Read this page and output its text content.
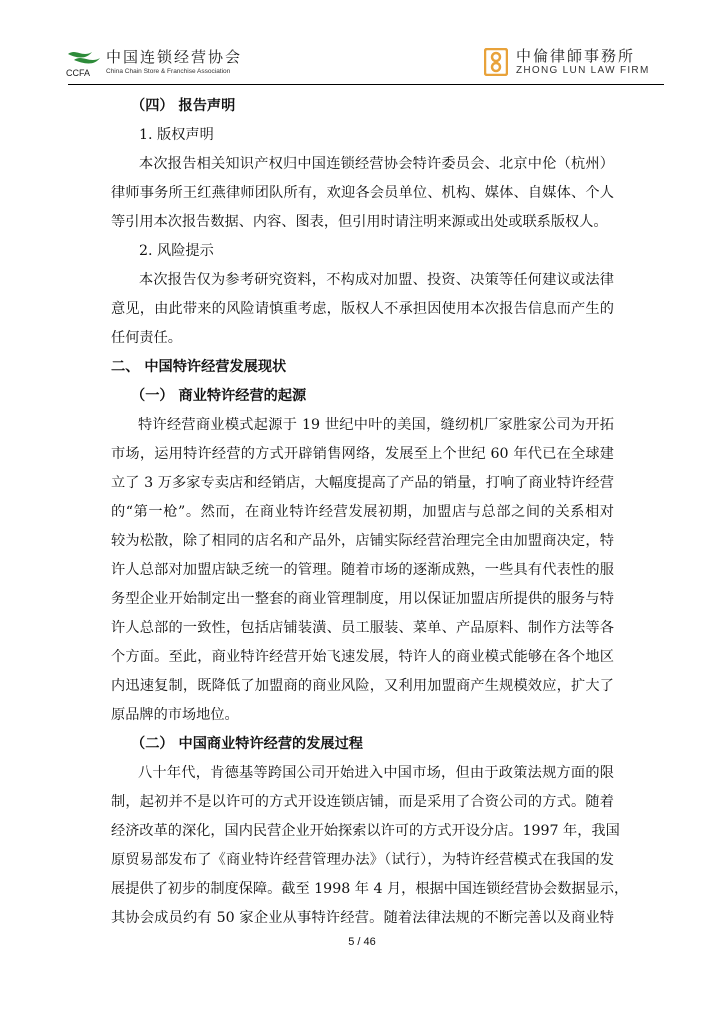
CCFA
中国连锁经营协会
China Chain Store & Franchise Association
中倫律師事務所
ZHONG LUN LAW FIRM
（四） 报告声明
1. 版权声明
本次报告相关知识产权归中国连锁经营协会特许委员会、北京中伦（杭州）
律师事务所王红燕律师团队所有，欢迎各会员单位、机构、媒体、自媒体、个人
等引用本次报告数据、内容、图表，但引用时请注明来源或出处或联系版权人。
2. 风险提示
本次报告仅为参考研究资料，不构成对加盟、投资、决策等任何建议或法律
意见，由此带来的风险请慎重考虑，版权人不承担因使用本次报告信息而产生的
任何责任。
二、 中国特许经营发展现状
（一） 商业特许经营的起源
特许经营商业模式起源于 19 世纪中叶的美国，缝纫机厂家胜家公司为开拓
市场，运用特许经营的方式开辟销售网络，发展至上个世纪 60 年代已在全球建
立了 3 万多家专卖店和经销店，大幅度提高了产品的销量，打响了商业特许经营
的“第一枪”。然而，在商业特许经营发展初期，加盟店与总部之间的关系相对
较为松散，除了相同的店名和产品外，店铺实际经营治理完全由加盟商决定，特
许人总部对加盟店缺乏统一的管理。随着市场的逐渐成熟，一些具有代表性的服
务型企业开始制定出一整套的商业管理制度，用以保证加盟店所提供的服务与特
许人总部的一致性，包括店铺装潢、员工服装、菜单、产品原料、制作方法等各
个方面。至此，商业特许经营开始飞速发展，特许人的商业模式能够在各个地区
内迅速复制，既降低了加盟商的商业风险，又利用加盟商产生规模效应，扩大了
原品牌的市场地位。
（二） 中国商业特许经营的发展过程
八十年代，肯德基等跨国公司开始进入中国市场，但由于政策法规方面的限
制，起初并不是以许可的方式开设连锁店铺，而是采用了合资公司的方式。随着
经济改革的深化，国内民营企业开始探索以许可的方式开设分店。1997 年，我国
原贸易部发布了《商业特许经营管理办法》（试行），为特许经营模式在我国的发
展提供了初步的制度保障。截至 1998 年 4 月，根据中国连锁经营协会数据显示，
其协会成员约有 50 家企业从事特许经营。随着法律法规的不断完善以及商业特
5 / 46
